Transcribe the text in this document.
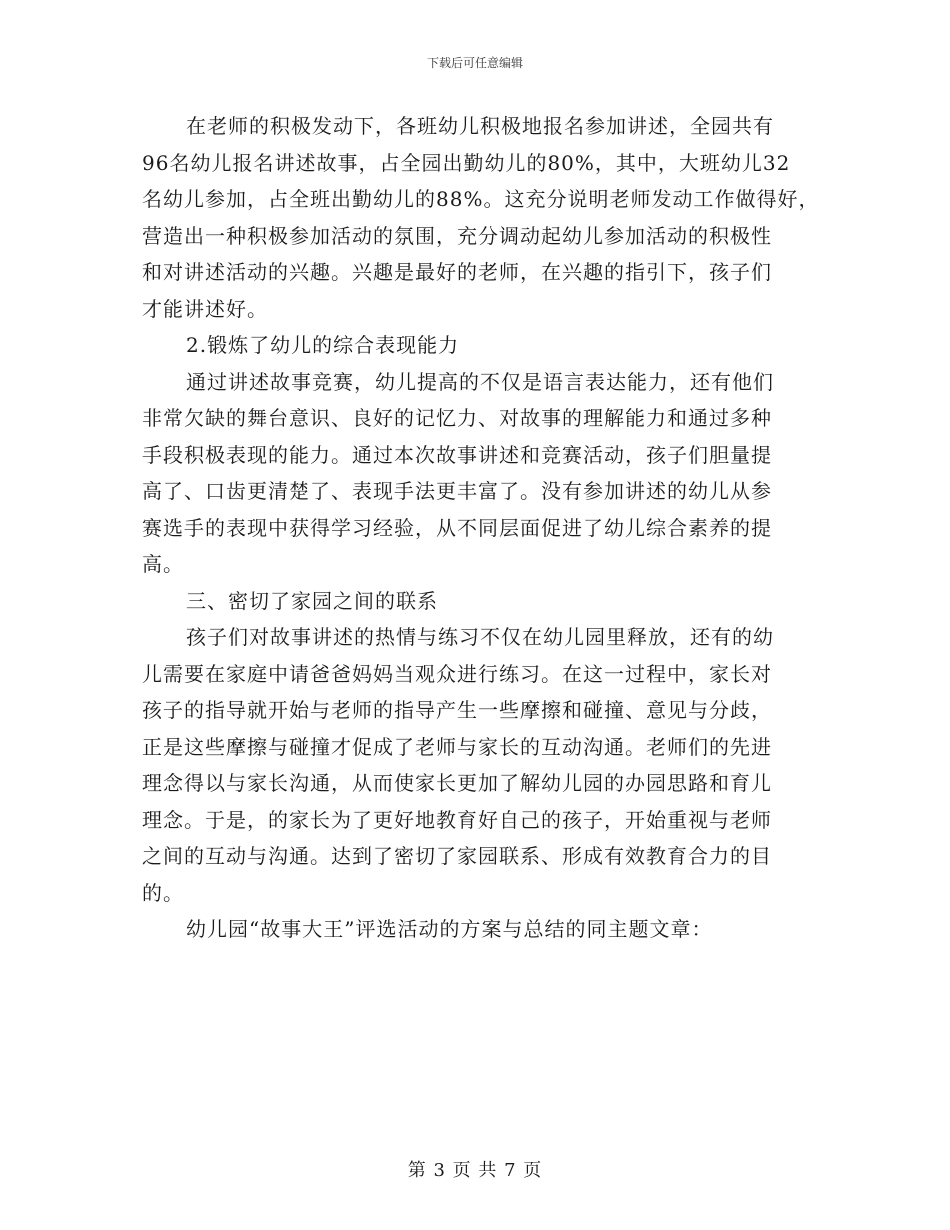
下载后可任意编辑
在老师的积极发动下，各班幼儿积极地报名参加讲述，全园共有
96名幼儿报名讲述故事，占全园出勤幼儿的80%，其中，大班幼儿32
名幼儿参加，占全班出勤幼儿的88%。这充分说明老师发动工作做得好，
营造出一种积极参加活动的氛围，充分调动起幼儿参加活动的积极性
和对讲述活动的兴趣。兴趣是最好的老师，在兴趣的指引下，孩子们
才能讲述好。
2.锻炼了幼儿的综合表现能力
通过讲述故事竞赛，幼儿提高的不仅是语言表达能力，还有他们
非常欠缺的舞台意识、良好的记忆力、对故事的理解能力和通过多种
手段积极表现的能力。通过本次故事讲述和竞赛活动，孩子们胆量提
高了、口齿更清楚了、表现手法更丰富了。没有参加讲述的幼儿从参
赛选手的表现中获得学习经验，从不同层面促进了幼儿综合素养的提
高。
三、密切了家园之间的联系
孩子们对故事讲述的热情与练习不仅在幼儿园里释放，还有的幼
儿需要在家庭中请爸爸妈妈当观众进行练习。在这一过程中，家长对
孩子的指导就开始与老师的指导产生一些摩擦和碰撞、意见与分歧，
正是这些摩擦与碰撞才促成了老师与家长的互动沟通。老师们的先进
理念得以与家长沟通，从而使家长更加了解幼儿园的办园思路和育儿
理念。于是，的家长为了更好地教育好自己的孩子，开始重视与老师
之间的互动与沟通。达到了密切了家园联系、形成有效教育合力的目
的。
幼儿园“故事大王”评选活动的方案与总结的同主题文章：
第 3 页 共 7 页
